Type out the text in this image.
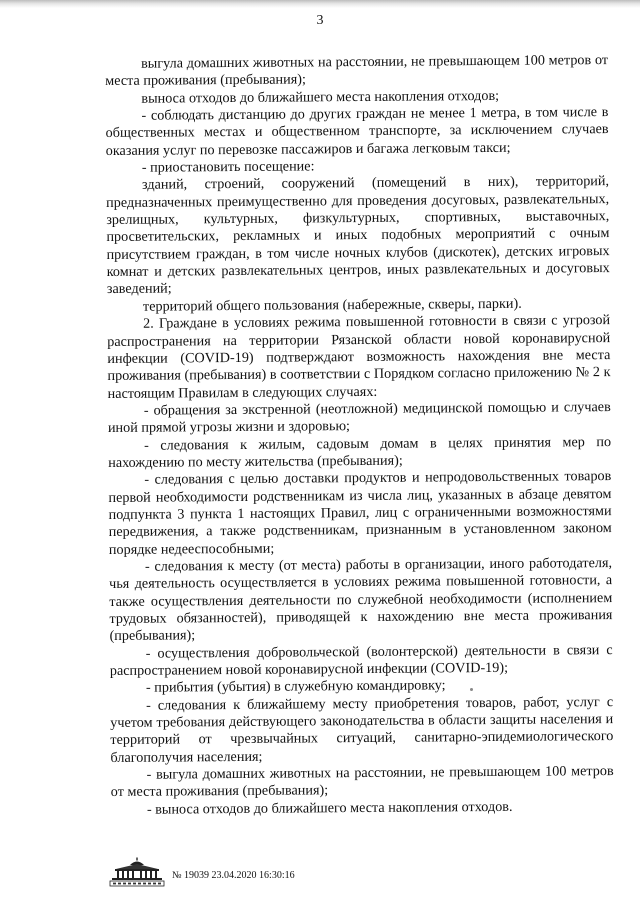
3

выгула домашних животных на расстоянии, не превышающем 100 метров от места проживания (пребывания);

выноса отходов до ближайшего места накопления отходов;

- соблюдать дистанцию до других граждан не менее 1 метра, в том числе в общественных местах и общественном транспорте, за исключением случаев оказания услуг по перевозке пассажиров и багажа легковым такси;

- приостановить посещение:

зданий, строений, сооружений (помещений в них), территорий, предназначенных преимущественно для проведения досуговых, развлекательных, зрелищных, культурных, физкультурных, спортивных, выставочных, просветительских, рекламных и иных подобных мероприятий с очным присутствием граждан, в том числе ночных клубов (дискотек), детских игровых комнат и детских развлекательных центров, иных развлекательных и досуговых заведений;

территорий общего пользования (набережные, скверы, парки).

2. Граждане в условиях режима повышенной готовности в связи с угрозой распространения на территории Рязанской области новой коронавирусной инфекции (COVID-19) подтверждают возможность нахождения вне места проживания (пребывания) в соответствии с Порядком согласно приложению № 2 к настоящим Правилам в следующих случаях:

- обращения за экстренной (неотложной) медицинской помощью и случаев иной прямой угрозы жизни и здоровью;

- следования к жилым, садовым домам в целях принятия мер по нахождению по месту жительства (пребывания);

- следования с целью доставки продуктов и непродовольственных товаров первой необходимости родственникам из числа лиц, указанных в абзаце девятом подпункта 3 пункта 1 настоящих Правил, лиц с ограниченными возможностями передвижения, а также родственникам, признанным в установленном законом порядке недееспособными;

- следования к месту (от места) работы в организации, иного работодателя, чья деятельность осуществляется в условиях режима повышенной готовности, а также осуществления деятельности по служебной необходимости (исполнением трудовых обязанностей), приводящей к нахождению вне места проживания (пребывания);

- осуществления добровольческой (волонтерской) деятельности в связи с распространением новой коронавирусной инфекции (COVID-19);

- прибытия (убытия) в служебную командировку;

- следования к ближайшему месту приобретения товаров, работ, услуг с учетом требования действующего законодательства в области защиты населения и территорий от чрезвычайных ситуаций, санитарно-эпидемиологического благополучия населения;

- выгула домашних животных на расстоянии, не превышающем 100 метров от места проживания (пребывания);

- выноса отходов до ближайшего места накопления отходов.

№ 19039 23.04.2020 16:30:16
